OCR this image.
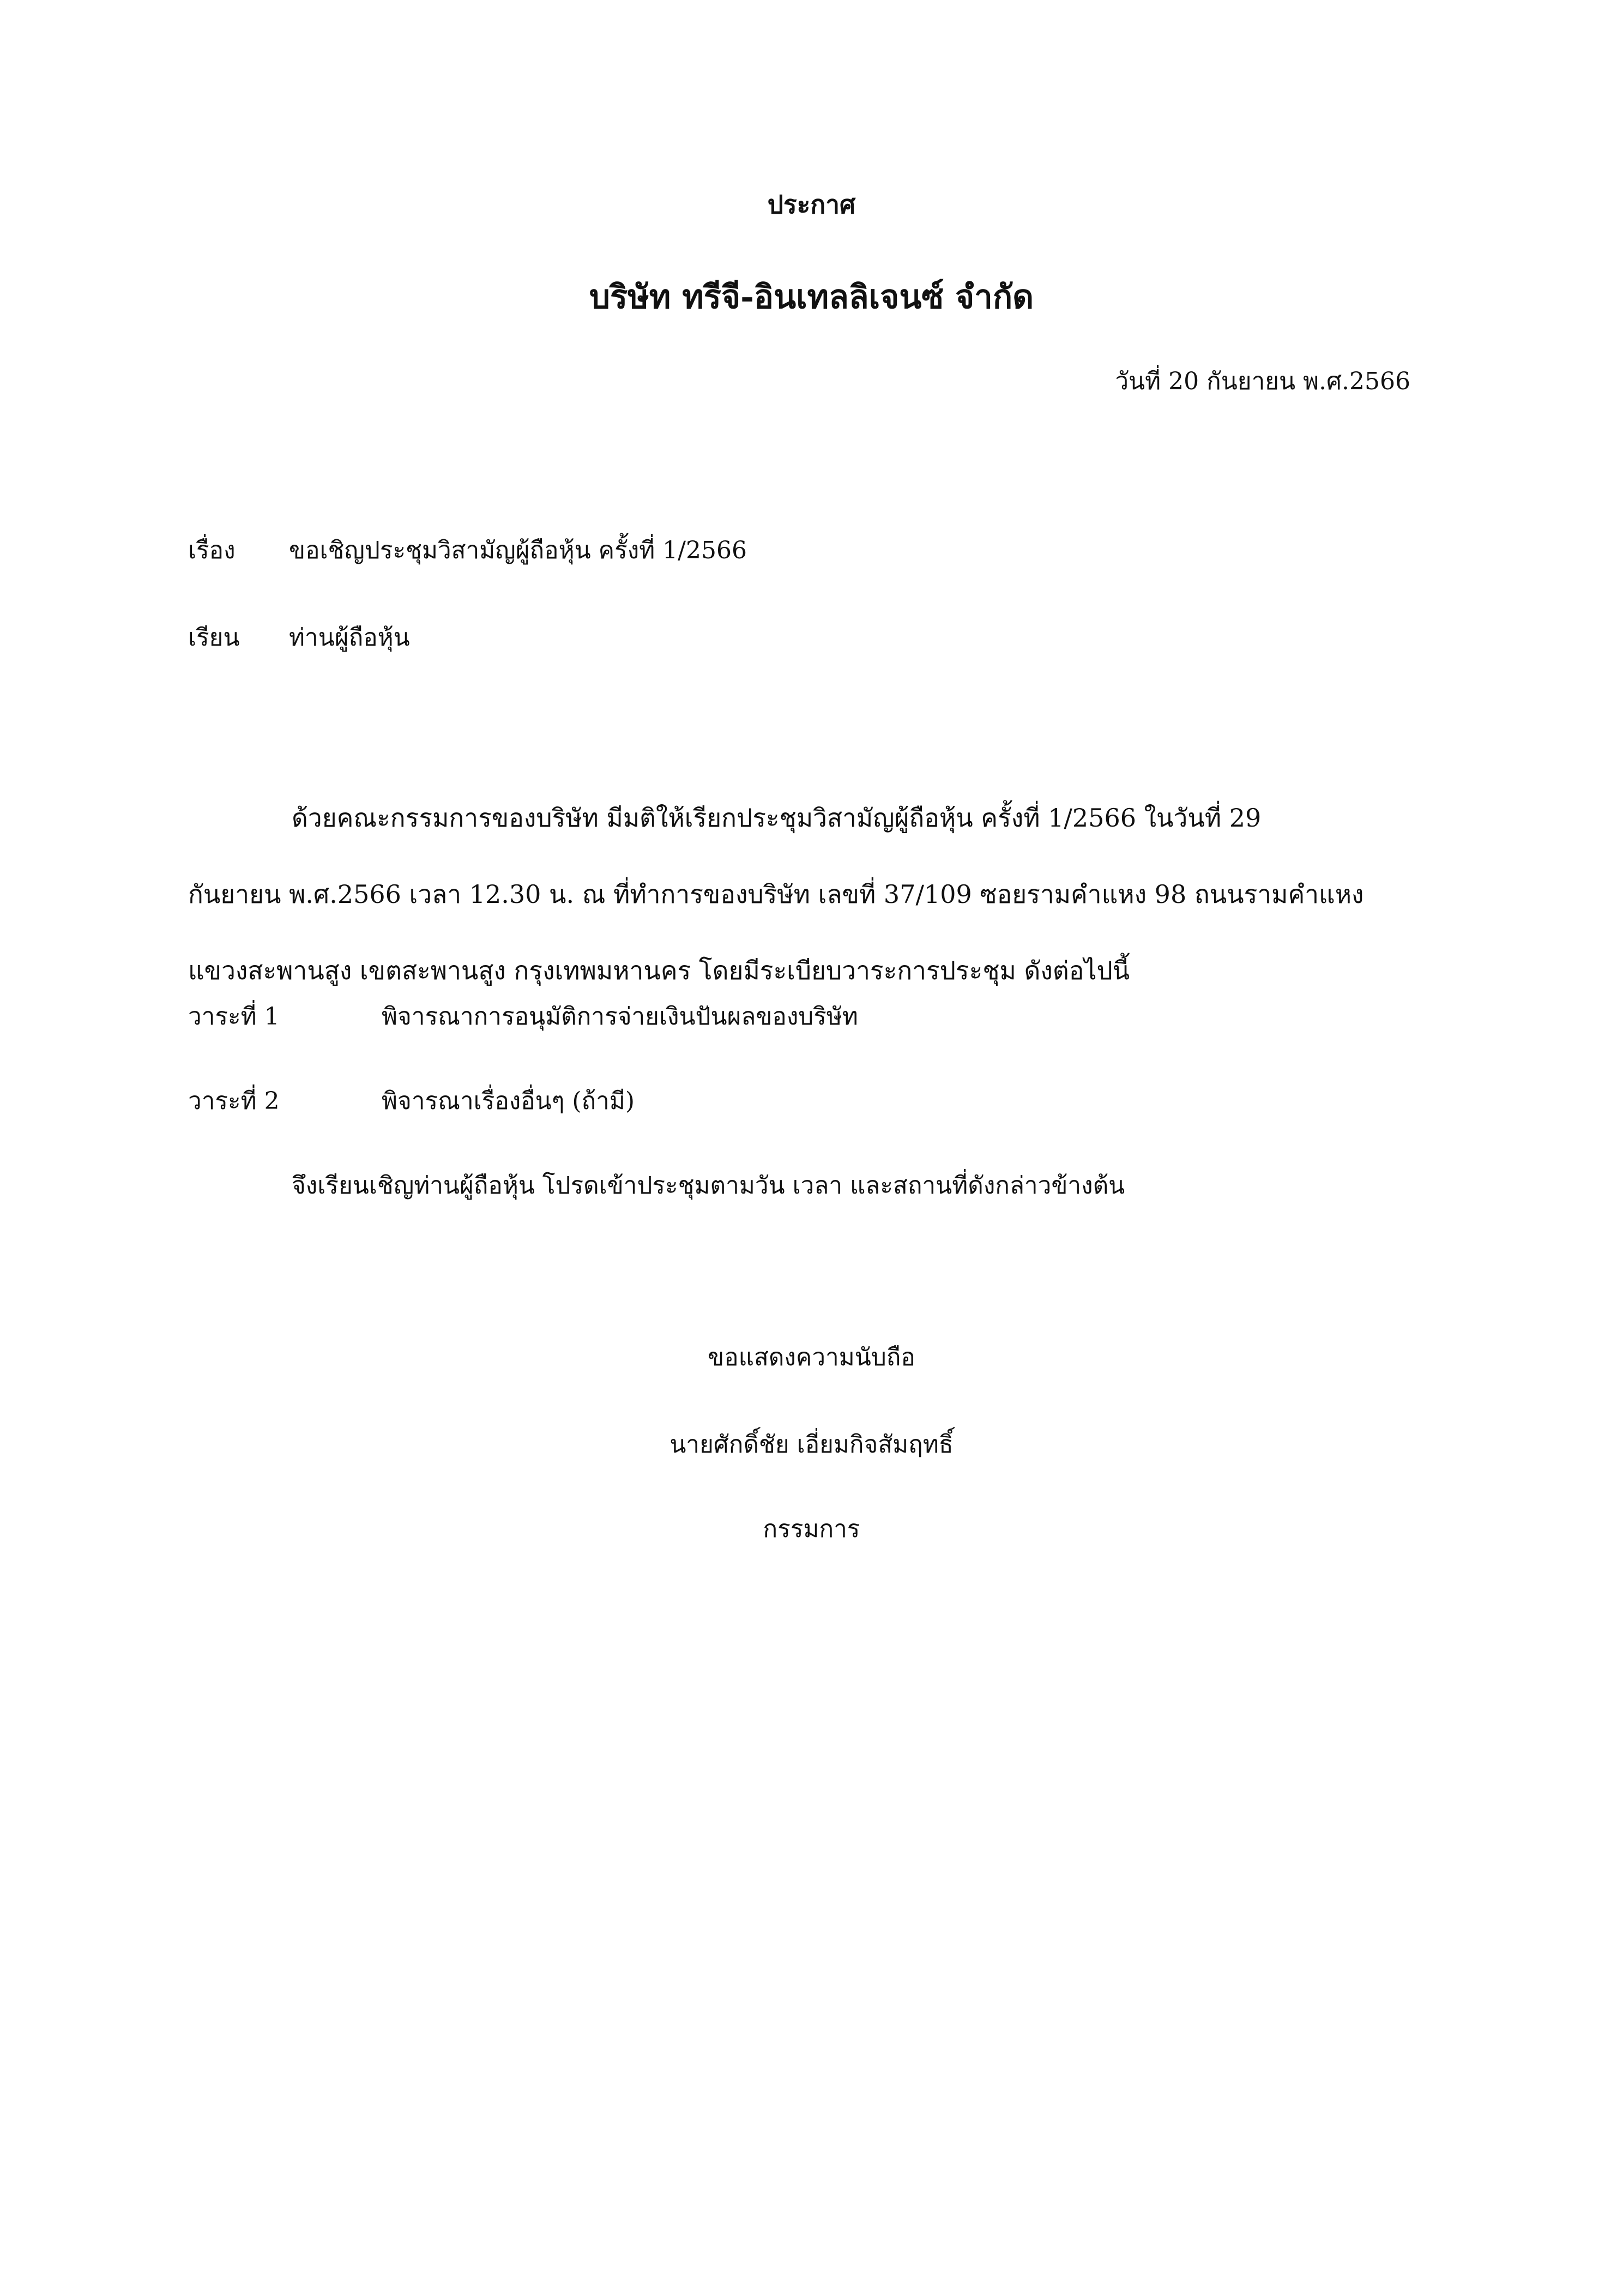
ประกาศ
บริษัท ทรีจี-อินเทลลิเจนซ์ จำกัด
วันที่ 20 กันยายน พ.ศ.2566
เรื่อง ขอเชิญประชุมวิสามัญผู้ถือหุ้น ครั้งที่ 1/2566
เรียน ท่านผู้ถือหุ้น
ด้วยคณะกรรมการของบริษัท มีมติให้เรียกประชุมวิสามัญผู้ถือหุ้น ครั้งที่ 1/2566 ในวันที่ 29
กันยายน พ.ศ.2566 เวลา 12.30 น. ณ ที่ทำการของบริษัท เลขที่ 37/109 ซอยรามคำแหง 98 ถนนรามคำแหง
แขวงสะพานสูง เขตสะพานสูง กรุงเทพมหานคร โดยมีระเบียบวาระการประชุม ดังต่อไปนี้
วาระที่ 1	พิจารณาการอนุมัติการจ่ายเงินปันผลของบริษัท
วาระที่ 2	พิจารณาเรื่องอื่นๆ (ถ้ามี)
จึงเรียนเชิญท่านผู้ถือหุ้น โปรดเข้าประชุมตามวัน เวลา และสถานที่ดังกล่าวข้างต้น
ขอแสดงความนับถือ
นายศักดิ์ชัย เอี่ยมกิจสัมฤทธิ์
กรรมการ
